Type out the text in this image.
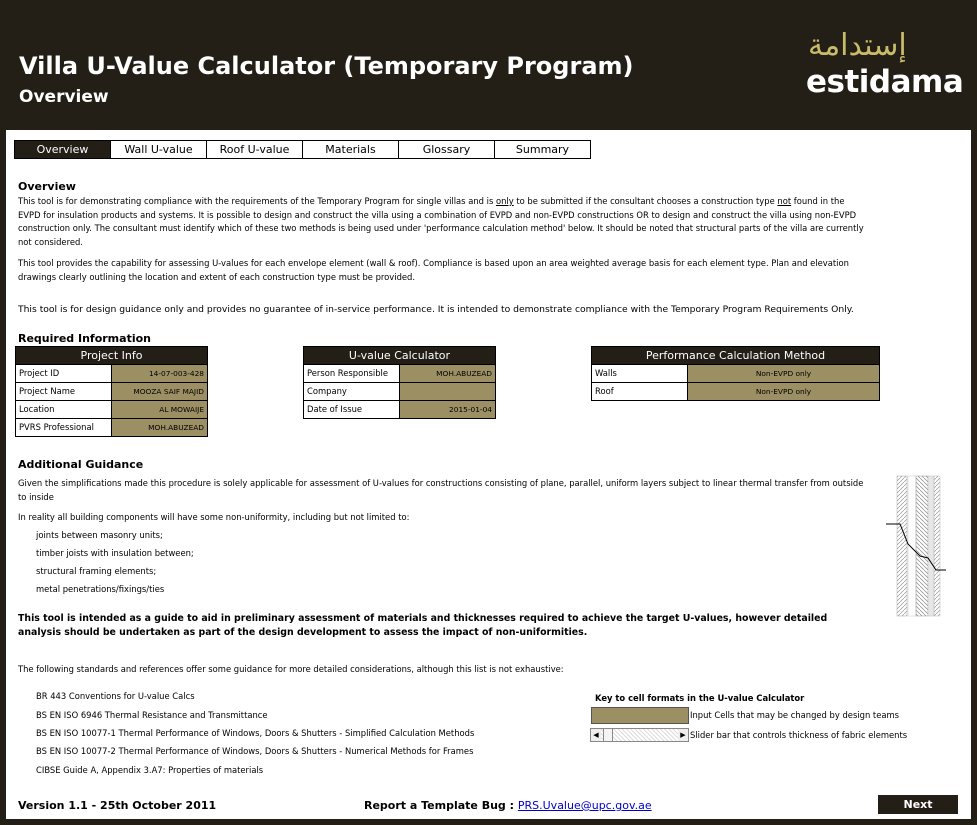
Villa U-Value Calculator (Temporary Program)
Overview
إستدامة
estidama
Overview	Wall U-value	Roof U-value	Materials	Glossary	Summary
Overview
This tool is for demonstrating compliance with the requirements of the Temporary Program for single villas and is only to be submitted if the consultant chooses a construction type not found in the EVPD for insulation products and systems. It is possible to design and construct the villa using a combination of EVPD and non-EVPD constructions OR to design and construct the villa using non-EVPD construction only. The consultant must identify which of these two methods is being used under 'performance calculation method' below. It should be noted that structural parts of the villa are currently not considered.
This tool provides the capability for assessing U-values for each envelope element (wall & roof). Compliance is based upon an area weighted average basis for each element type. Plan and elevation drawings clearly outlining the location and extent of each construction type must be provided.
This tool is for design guidance only and provides no guarantee of in-service performance. It is intended to demonstrate compliance with the Temporary Program Requirements Only.
Required Information
Project Info
Project ID	14-07-003-428
Project Name	MOOZA SAIF MAJID
Location	AL MOWAIJE
PVRS Professional	MOH.ABUZEAD
U-value Calculator
Person Responsible	MOH.ABUZEAD
Company
Date of Issue	2015-01-04
Performance Calculation Method
Walls	Non-EVPD only
Roof	Non-EVPD only
Additional Guidance
Given the simplifications made this procedure is solely applicable for assessment of U-values for constructions consisting of plane, parallel, uniform layers subject to linear thermal transfer from outside to inside
In reality all building components will have some non-uniformity, including but not limited to:
joints between masonry units;
timber joists with insulation between;
structural framing elements;
metal penetrations/fixings/ties
This tool is intended as a guide to aid in preliminary assessment of materials and thicknesses required to achieve the target U-values, however detailed analysis should be undertaken as part of the design development to assess the impact of non-uniformities.
The following standards and references offer some guidance for more detailed considerations, although this list is not exhaustive:
BR 443 Conventions for U-value Calcs
BS EN ISO 6946 Thermal Resistance and Transmittance
BS EN ISO 10077-1 Thermal Performance of Windows, Doors & Shutters - Simplified Calculation Methods
BS EN ISO 10077-2 Thermal Performance of Windows, Doors & Shutters - Numerical Methods for Frames
CIBSE Guide A, Appendix 3.A7: Properties of materials
Key to cell formats in the U-value Calculator
Input Cells that may be changed by design teams
◀	▶ Slider bar that controls thickness of fabric elements
Version 1.1 - 25th October 2011	Report a Template Bug : PRS.Uvalue@upc.gov.ae	Next
